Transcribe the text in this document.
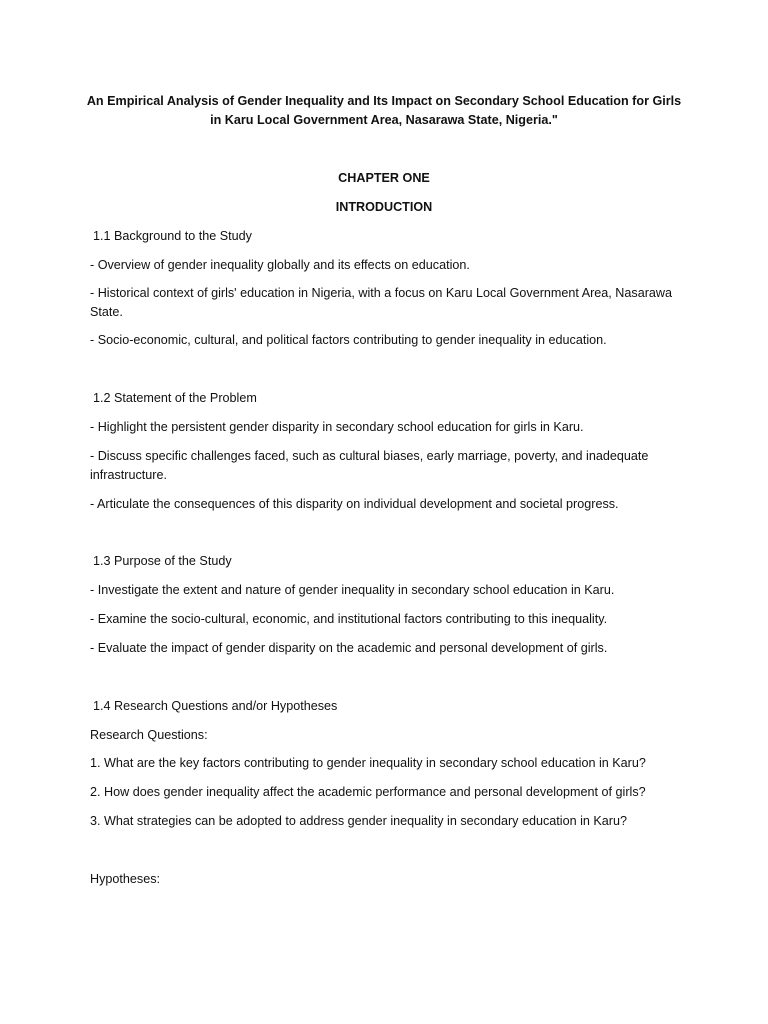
An Empirical Analysis of Gender Inequality and Its Impact on Secondary School Education for Girls in Karu Local Government Area, Nasarawa State, Nigeria."
CHAPTER ONE
INTRODUCTION
1.1 Background to the Study
- Overview of gender inequality globally and its effects on education.
- Historical context of girls' education in Nigeria, with a focus on Karu Local Government Area, Nasarawa State.
- Socio-economic, cultural, and political factors contributing to gender inequality in education.
1.2 Statement of the Problem
- Highlight the persistent gender disparity in secondary school education for girls in Karu.
- Discuss specific challenges faced, such as cultural biases, early marriage, poverty, and inadequate infrastructure.
- Articulate the consequences of this disparity on individual development and societal progress.
1.3 Purpose of the Study
- Investigate the extent and nature of gender inequality in secondary school education in Karu.
- Examine the socio-cultural, economic, and institutional factors contributing to this inequality.
- Evaluate the impact of gender disparity on the academic and personal development of girls.
1.4 Research Questions and/or Hypotheses
Research Questions:
1. What are the key factors contributing to gender inequality in secondary school education in Karu?
2. How does gender inequality affect the academic performance and personal development of girls?
3. What strategies can be adopted to address gender inequality in secondary education in Karu?
Hypotheses:
